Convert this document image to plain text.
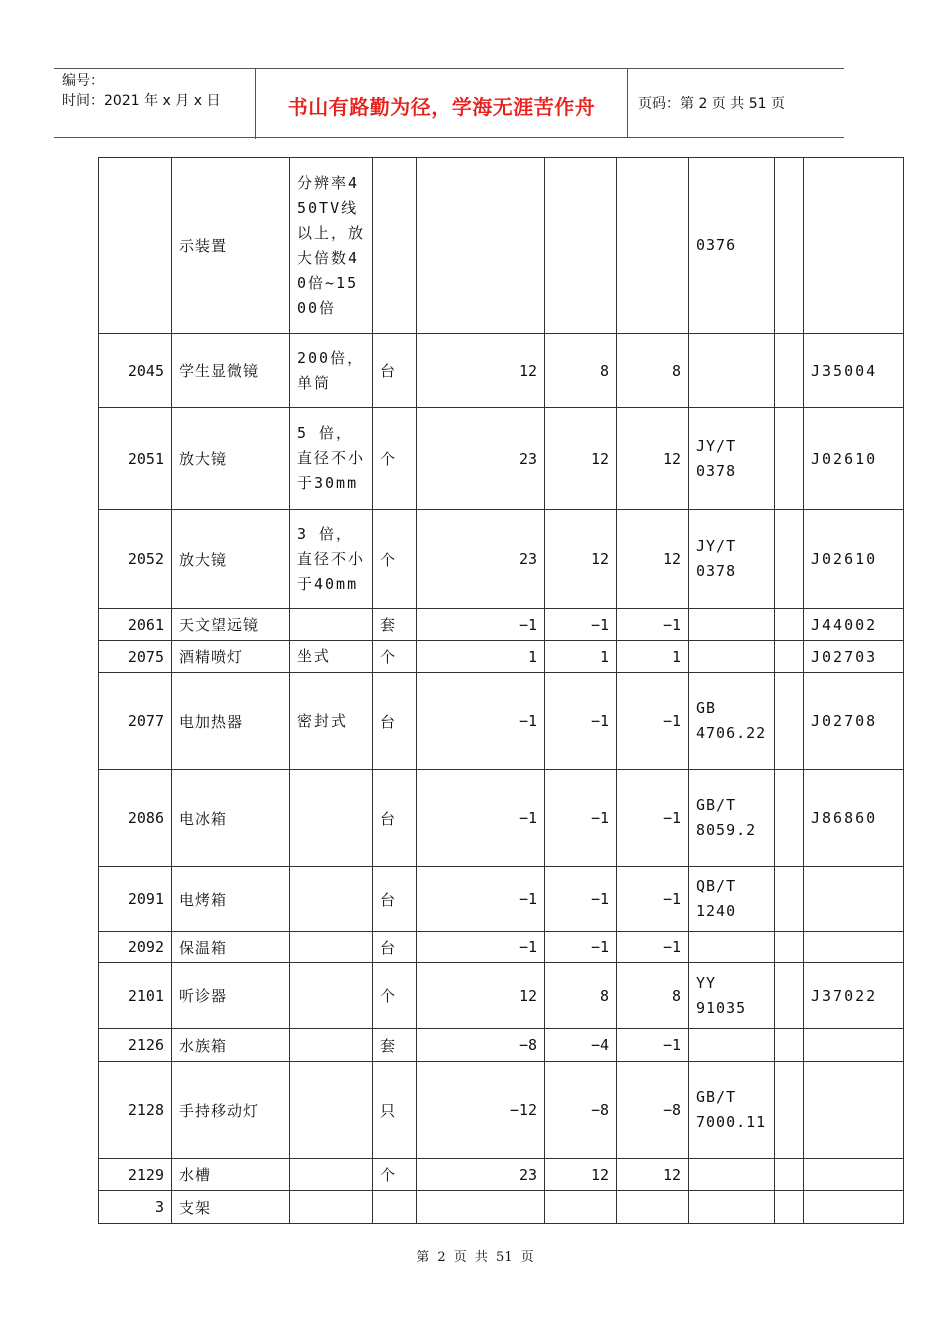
编号：
时间：2021 年 x 月 x 日	书山有路勤为径，学海无涯苦作舟	页码：第 2 页 共 51 页
	示装置	分辨率450TV线以上，放大倍数40倍~1500倍					0376		
2045	学生显微镜	200倍，单筒	台	12	8	8			J35004
2051	放大镜	5 倍，直径不小于30mm	个	23	12	12	JY/T 0378		J02610
2052	放大镜	3 倍，直径不小于40mm	个	23	12	12	JY/T 0378		J02610
2061	天文望远镜		套	−1	−1	−1			J44002
2075	酒精喷灯	坐式	个	1	1	1			J02703
2077	电加热器	密封式	台	−1	−1	−1	GB 4706.22		J02708
2086	电冰箱		台	−1	−1	−1	GB/T 8059.2		J86860
2091	电烤箱		台	−1	−1	−1	QB/T 1240		
2092	保温箱		台	−1	−1	−1			
2101	听诊器		个	12	8	8	YY 91035		J37022
2126	水族箱		套	−8	−4	−1			
2128	手持移动灯		只	−12	−8	−8	GB/T 7000.11		
2129	水槽		个	23	12	12			
3	支架								
第 2 页 共 51 页
